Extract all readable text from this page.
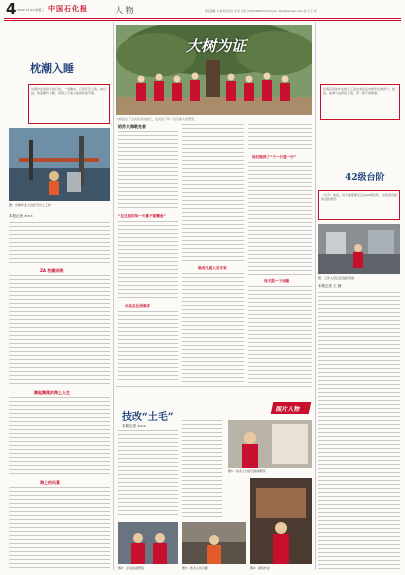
4 2022.11.23 星期三 中国石化报	人 物	责任编辑 方 敏 版式设计 李 彤 电话 (010)59963216 E-mail: rwzk@sinopec.com 校 对 王 伟
枕潮入睡
出海作业是每天的日常，一觉醒来，已是茫茫大海。她们说，枕着潮声入睡，是海上石油人最真实的写照。
图：出海作业人员在平台上工作
本报记者 ×××
ZA 枕潮而眠
潮起潮落的海上人生
海上的风景
大树为证
大树见证了这支队伍的成长，也见证了每一位石油人的坚守。
给苏大海敢先者
“在这里的每一天都不能懈怠”
办法总比困难多
做成凡就人员专家
他们做到了“干一行爱一行”
每天提一个问题
在海底某处作业的王工是这支队伍中最年轻的骨干。他说，能参与这样的工程，是一辈子的骄傲。
42级台阶
（文字）他说，每天他都要走过这42级台阶，去检查设备的运转情况。
图：工作人员正在巡检设备
本报记者 王 静
技改“土毛”
图片人物
本报记者 ×××
图1：技术人员在设备前研究
图2：正在检查管线	图3：技术人员合影	图4：现场作业
